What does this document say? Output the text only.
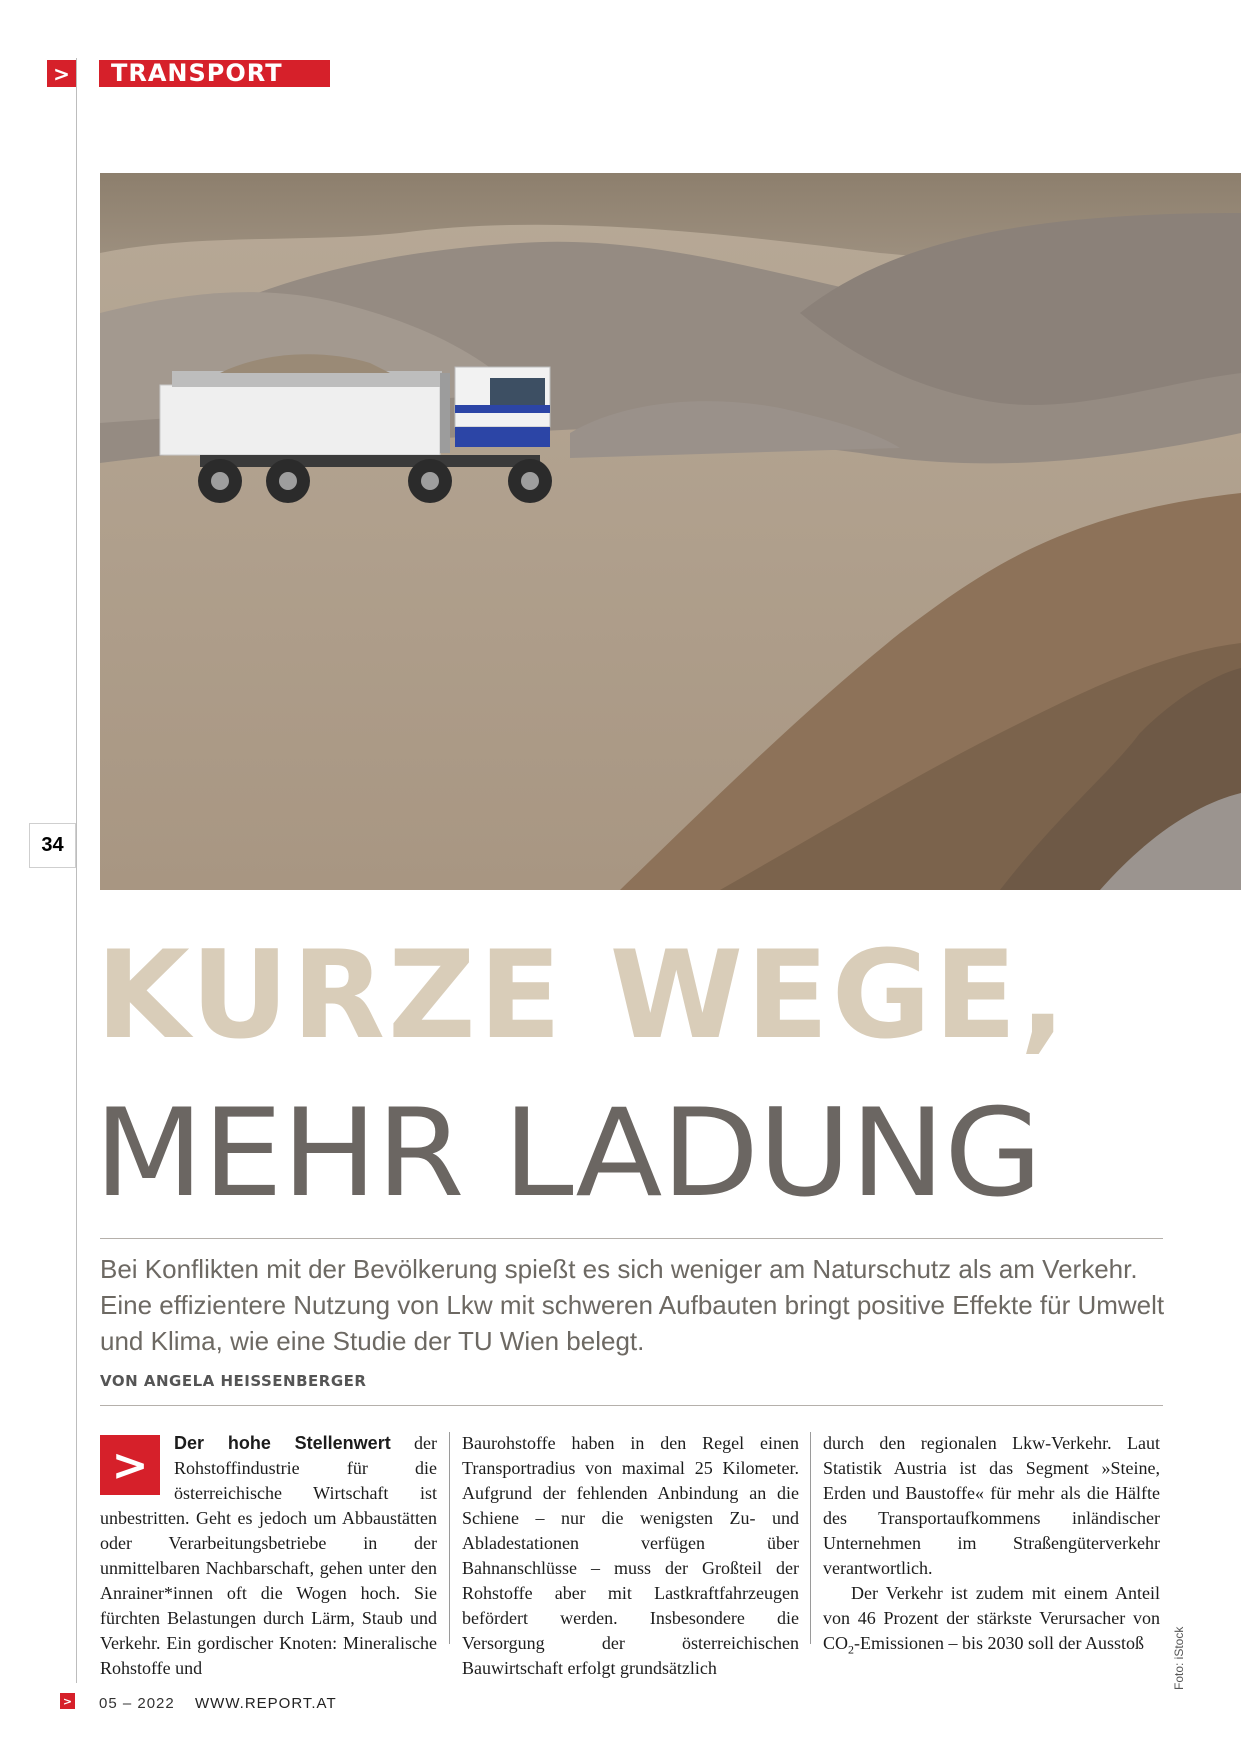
>	TRANSPORT
34
KURZE WEGE,
MEHR LADUNG
Bei Konflikten mit der Bevölkerung spießt es sich weniger am Naturschutz als am Verkehr. Eine effizientere Nutzung von Lkw mit schweren Aufbauten bringt positive Effekte für Umwelt und Klima, wie eine Studie der TU Wien belegt.
VON ANGELA HEISSENBERGER

>	Der hohe Stellenwert der Rohstoffindustrie für die österreichische Wirtschaft ist unbestritten. Geht es jedoch um Abbaustätten oder Verarbeitungsbetriebe in der unmittelbaren Nachbarschaft, gehen unter den Anrainer*innen oft die Wogen hoch. Sie fürchten Belastungen durch Lärm, Staub und Verkehr. Ein gordischer Knoten: Mineralische Rohstoffe und

Baurohstoffe haben in den Regel einen Transportradius von maximal 25 Kilometer. Aufgrund der fehlenden Anbindung an die Schiene – nur die wenigsten Zu- und Abladestationen verfügen über Bahnanschlüsse – muss der Großteil der Rohstoffe aber mit Lastkraftfahrzeugen befördert werden. Insbesondere die Versorgung der österreichischen Bauwirtschaft erfolgt grundsätzlich

durch den regionalen Lkw-Verkehr. Laut Statistik Austria ist das Segment »Steine, Erden und Baustoffe« für mehr als die Hälfte des Transportaufkommens inländischer Unternehmen im Straßengüterverkehr verantwortlich.

Der Verkehr ist zudem mit einem Anteil von 46 Prozent der stärkste Verursacher von $CO_2$-Emissionen – bis 2030 soll der Ausstoß	Foto: iStock
> 05 – 2022 WWW.REPORT.AT
